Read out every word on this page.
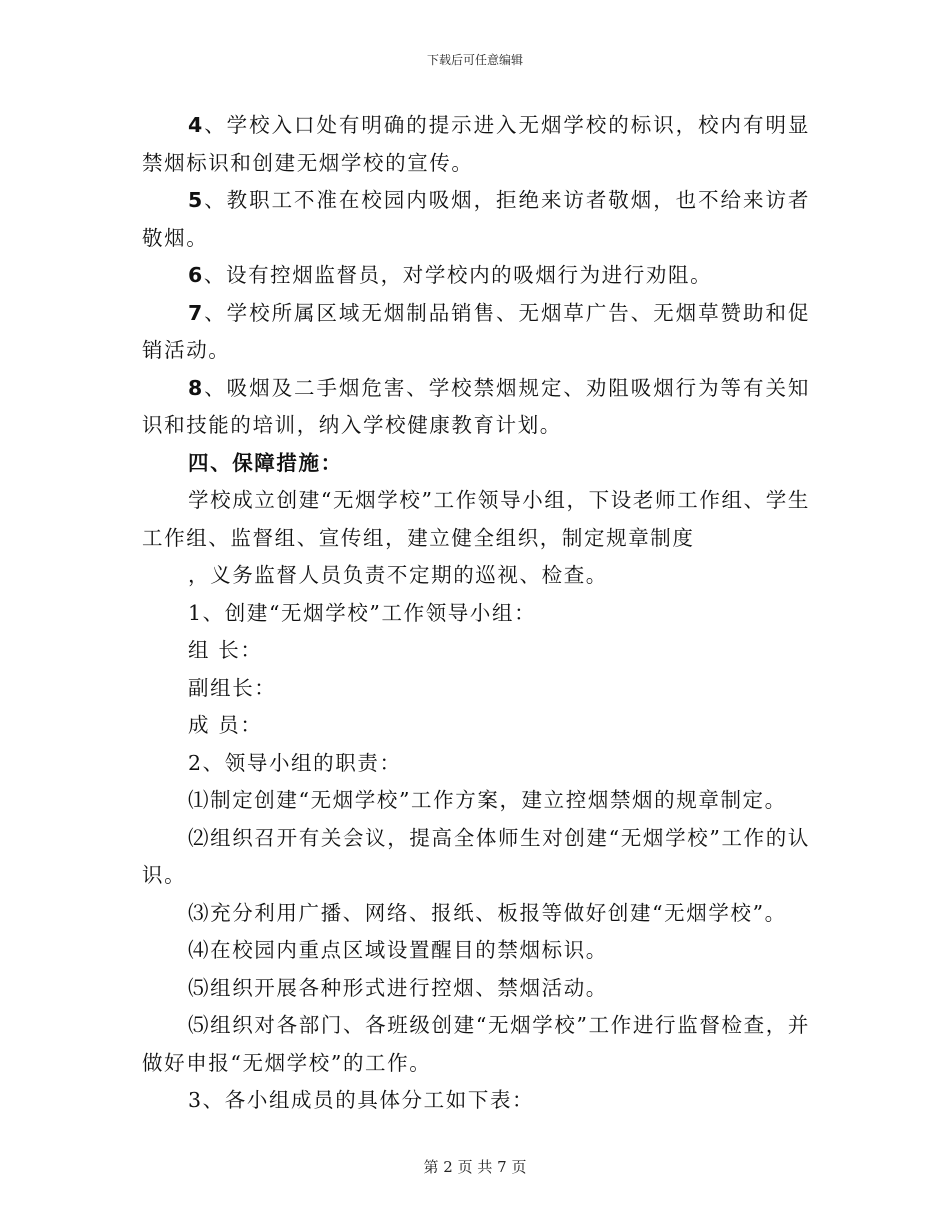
下载后可任意编辑

4、学校入口处有明确的提示进入无烟学校的标识，校内有明显禁烟标识和创建无烟学校的宣传。

5、教职工不准在校园内吸烟，拒绝来访者敬烟，也不给来访者敬烟。

6、设有控烟监督员，对学校内的吸烟行为进行劝阻。

7、学校所属区域无烟制品销售、无烟草广告、无烟草赞助和促销活动。

8、吸烟及二手烟危害、学校禁烟规定、劝阻吸烟行为等有关知识和技能的培训，纳入学校健康教育计划。

四、保障措施：

学校成立创建“无烟学校”工作领导小组，下设老师工作组、学生工作组、监督组、宣传组，建立健全组织，制定规章制度

，义务监督人员负责不定期的巡视、检查。

1、创建“无烟学校”工作领导小组：

组 长：

副组长：

成 员：

2、领导小组的职责：

⑴制定创建“无烟学校”工作方案，建立控烟禁烟的规章制定。

⑵组织召开有关会议，提高全体师生对创建“无烟学校”工作的认识。

⑶充分利用广播、网络、报纸、板报等做好创建“无烟学校”。

⑷在校园内重点区域设置醒目的禁烟标识。

⑸组织开展各种形式进行控烟、禁烟活动。

⑸组织对各部门、各班级创建“无烟学校”工作进行监督检查，并做好申报“无烟学校”的工作。

3、各小组成员的具体分工如下表：

第 2 页 共 7 页
